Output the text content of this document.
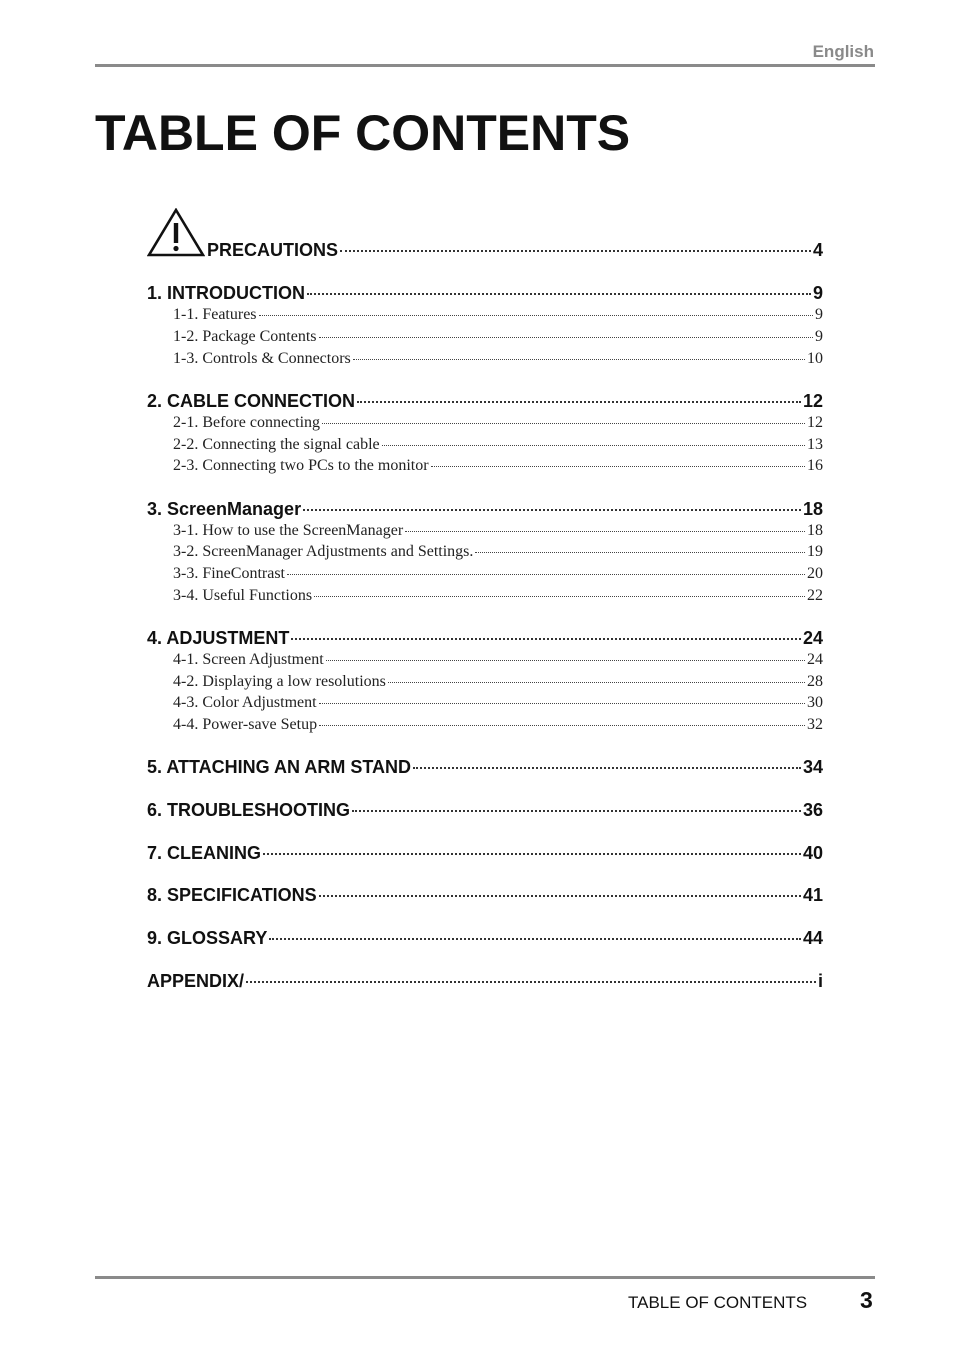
English
TABLE OF CONTENTS
PRECAUTIONS	4
1. INTRODUCTION	9
1-1. Features	9
1-2. Package Contents	9
1-3. Controls & Connectors	10
2. CABLE CONNECTION	12
2-1. Before connecting	12
2-2. Connecting the signal cable	13
2-3. Connecting two PCs to the monitor	16
3. ScreenManager	18
3-1. How to use the ScreenManager	18
3-2. ScreenManager Adjustments and Settings.	19
3-3. FineContrast	20
3-4. Useful Functions	22
4. ADJUSTMENT	24
4-1. Screen Adjustment	24
4-2. Displaying a low resolutions	28
4-3. Color Adjustment	30
4-4. Power-save Setup	32
5. ATTACHING AN ARM STAND	34
6. TROUBLESHOOTING	36
7. CLEANING	40
8. SPECIFICATIONS	41
9. GLOSSARY	44
APPENDIX/	i
TABLE OF CONTENTS 3
